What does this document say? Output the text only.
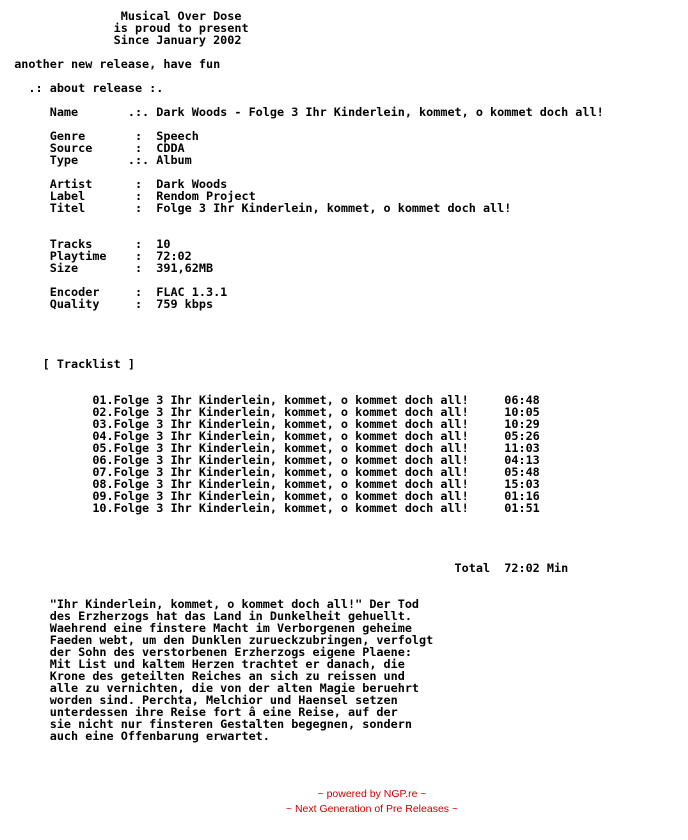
Musical Over Dose
is proud to present
Since January 2002

another new release, have fun

.: about release :.

Name       .:. Dark Woods - Folge 3 Ihr Kinderlein, kommet, o kommet doch all!

Genre       :  Speech
Source      :  CDDA
Type       .:. Album

Artist      :  Dark Woods
Label       :  Rendom Project
Titel       :  Folge 3 Ihr Kinderlein, kommet, o kommet doch all!

Tracks      :  10
Playtime    :  72:02
Size        :  391,62MB

Encoder     :  FLAC 1.3.1
Quality     :  759 kbps

[ Tracklist ]

01.Folge 3 Ihr Kinderlein, kommet, o kommet doch all!     06:48
02.Folge 3 Ihr Kinderlein, kommet, o kommet doch all!     10:05
03.Folge 3 Ihr Kinderlein, kommet, o kommet doch all!     10:29
04.Folge 3 Ihr Kinderlein, kommet, o kommet doch all!     05:26
05.Folge 3 Ihr Kinderlein, kommet, o kommet doch all!     11:03
06.Folge 3 Ihr Kinderlein, kommet, o kommet doch all!     04:13
07.Folge 3 Ihr Kinderlein, kommet, o kommet doch all!     05:48
08.Folge 3 Ihr Kinderlein, kommet, o kommet doch all!     15:03
09.Folge 3 Ihr Kinderlein, kommet, o kommet doch all!     01:16
10.Folge 3 Ihr Kinderlein, kommet, o kommet doch all!     01:51

Total  72:02 Min

"Ihr Kinderlein, kommet, o kommet doch all!" Der Tod
des Erzherzogs hat das Land in Dunkelheit gehuellt.
Waehrend eine finstere Macht im Verborgenen geheime
Faeden webt, um den Dunklen zurueckzubringen, verfolgt
der Sohn des verstorbenen Erzherzogs eigene Plaene:
Mit List und kaltem Herzen trachtet er danach, die
Krone des geteilten Reiches an sich zu reissen und
alle zu vernichten, die von der alten Magie beruehrt
worden sind. Perchta, Melchior und Haensel setzen
unterdessen ihre Reise fort â eine Reise, auf der
sie nicht nur finsteren Gestalten begegnen, sondern
auch eine Offenbarung erwartet.
~ powered by NGP.re ~
~ Next Generation of Pre Releases ~
